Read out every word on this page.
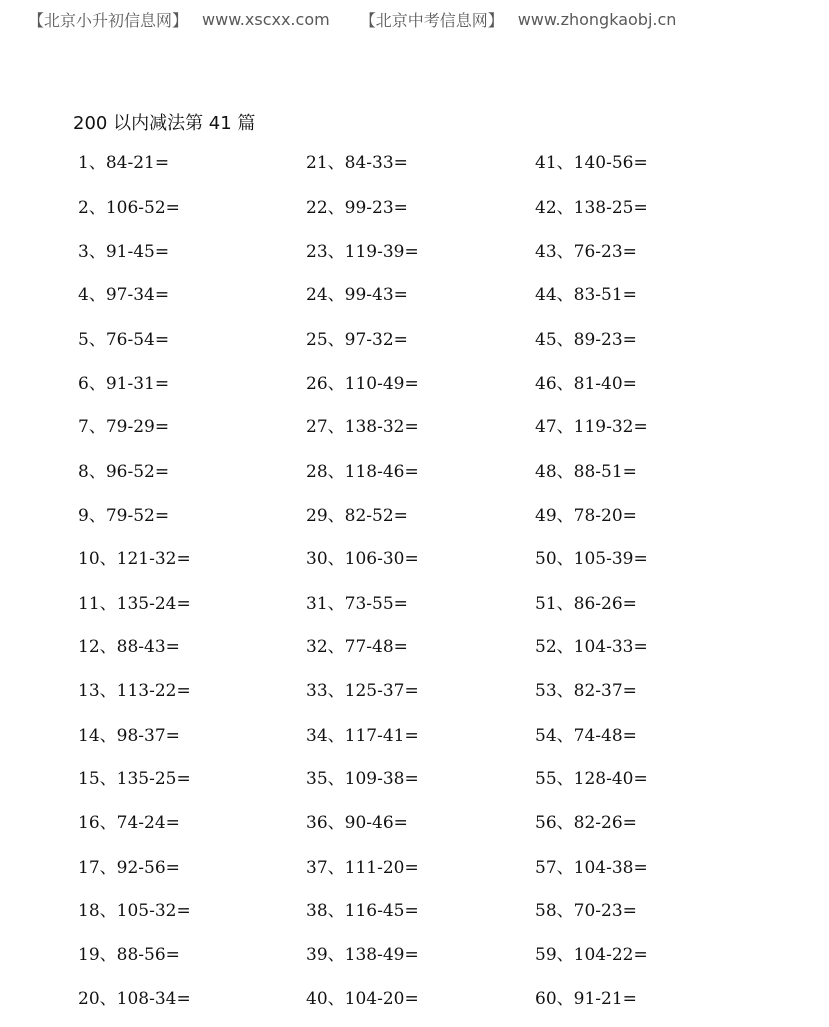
【北京小升初信息网】 www.xscxx.com 【北京中考信息网】 www.zhongkaobj.cn
200 以内减法第 41 篇
1、84-21=
2、106-52=
3、91-45=
4、97-34=
5、76-54=
6、91-31=
7、79-29=
8、96-52=
9、79-52=
10、121-32=
11、135-24=
12、88-43=
13、113-22=
14、98-37=
15、135-25=
16、74-24=
17、92-56=
18、105-32=
19、88-56=
20、108-34=
21、84-33=
22、99-23=
23、119-39=
24、99-43=
25、97-32=
26、110-49=
27、138-32=
28、118-46=
29、82-52=
30、106-30=
31、73-55=
32、77-48=
33、125-37=
34、117-41=
35、109-38=
36、90-46=
37、111-20=
38、116-45=
39、138-49=
40、104-20=
41、140-56=
42、138-25=
43、76-23=
44、83-51=
45、89-23=
46、81-40=
47、119-32=
48、88-51=
49、78-20=
50、105-39=
51、86-26=
52、104-33=
53、82-37=
54、74-48=
55、128-40=
56、82-26=
57、104-38=
58、70-23=
59、104-22=
60、91-21=
